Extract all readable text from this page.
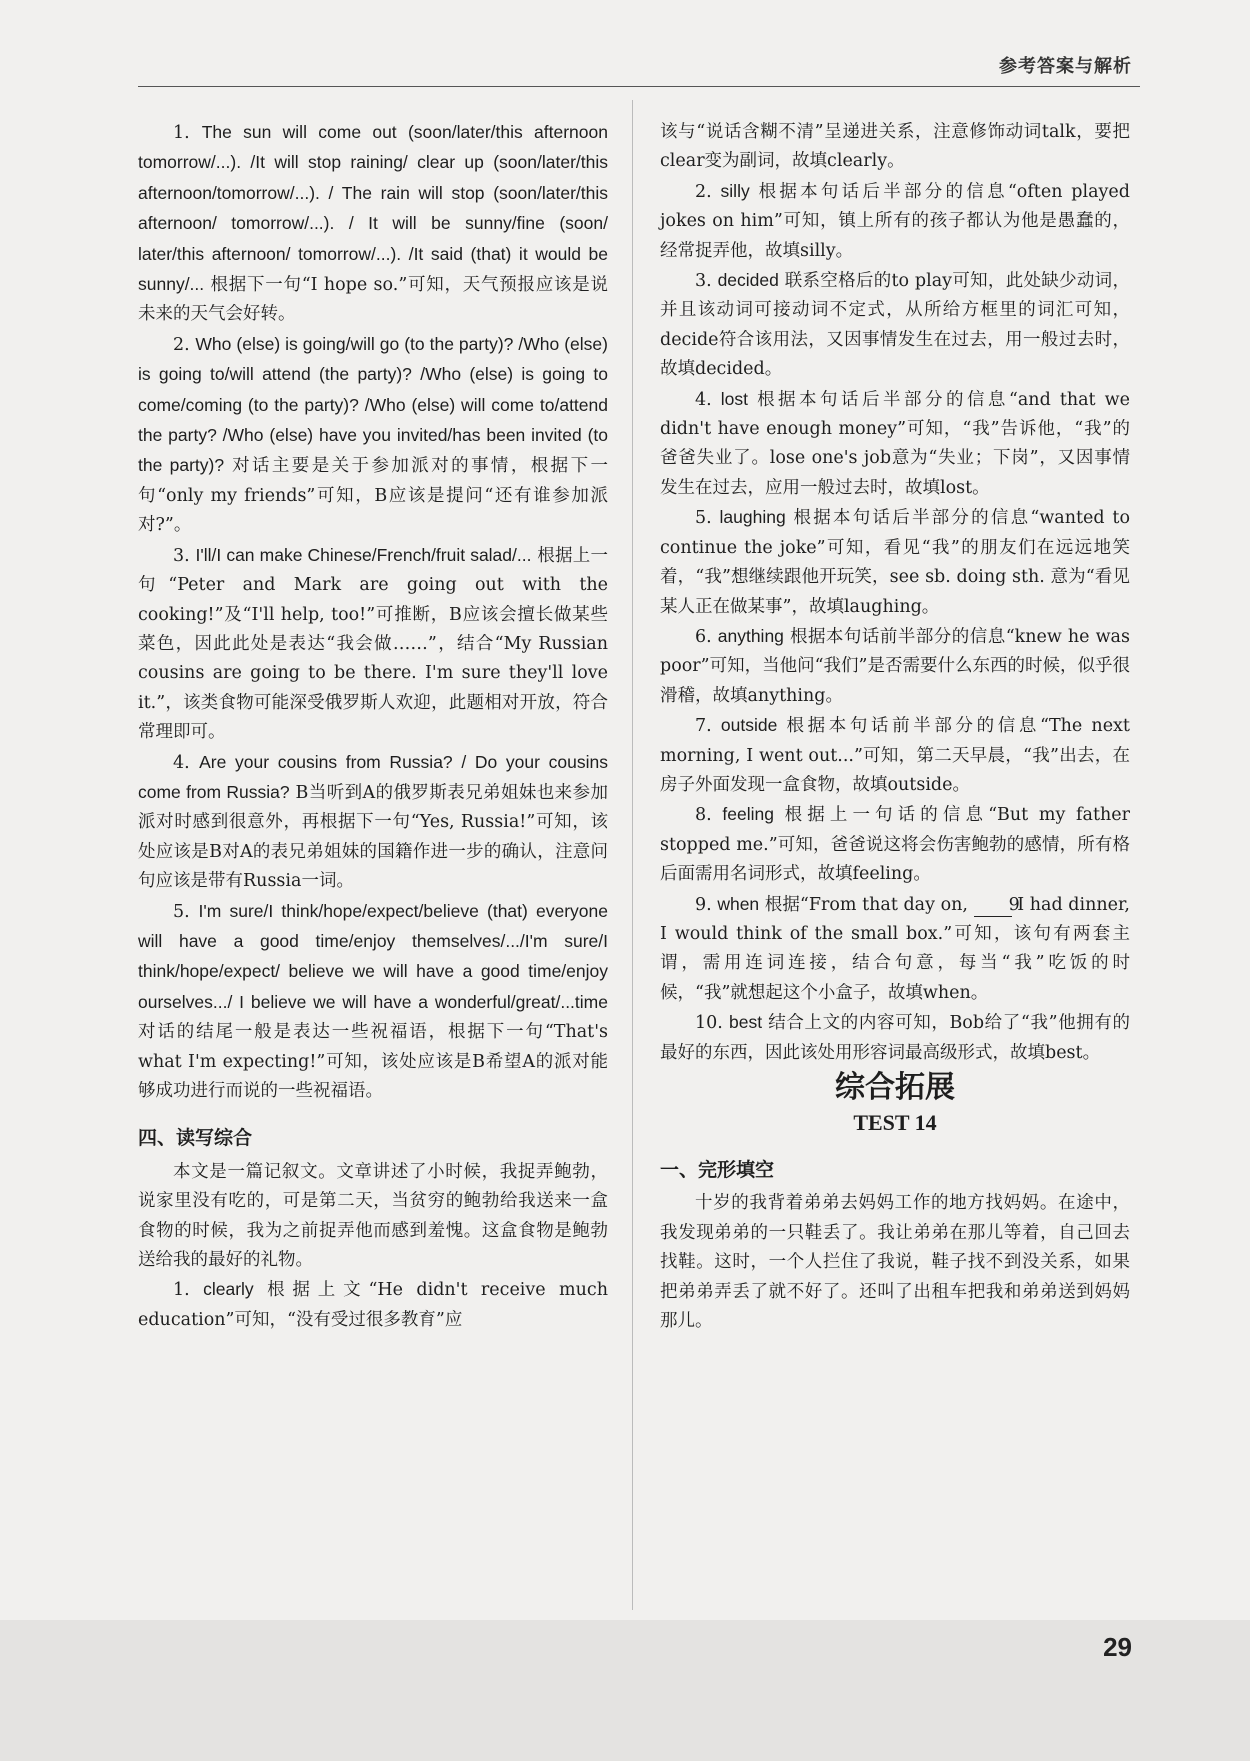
参考答案与解析

1. The sun will come out (soon/later/this afternoon tomorrow/...). /It will stop raining/ clear up (soon/later/this afternoon/tomorrow/...). / The rain will stop (soon/later/this afternoon/ tomorrow/...). / It will be sunny/fine (soon/ later/this afternoon/ tomorrow/...). /It said (that) it would be sunny/... 根据下一句“I hope so.”可知，天气预报应该是说未来的天气会好转。

2. Who (else) is going/will go (to the party)? /Who (else) is going to/will attend (the party)? /Who (else) is going to come/coming (to the party)? /Who (else) will come to/attend the party? /Who (else) have you invited/has been invited (to the party)? 对话主要是关于参加派对的事情，根据下一句“only my friends”可知，B应该是提问“还有谁参加派对?”。

3. I'll/I can make Chinese/French/fruit salad/... 根据上一句“Peter and Mark are going out with the cooking!”及“I'll help, too!”可推断，B应该会擅长做某些菜色，因此此处是表达“我会做……”，结合“My Russian cousins are going to be there. I'm sure they'll love it.”，该类食物可能深受俄罗斯人欢迎，此题相对开放，符合常理即可。

4. Are your cousins from Russia? / Do your cousins come from Russia? B当听到A的俄罗斯表兄弟姐妹也来参加派对时感到很意外，再根据下一句“Yes, Russia!”可知，该处应该是B对A的表兄弟姐妹的国籍作进一步的确认，注意问句应该是带有Russia一词。

5. I'm sure/I think/hope/expect/believe (that) everyone will have a good time/enjoy themselves/.../I'm sure/I think/hope/expect/ believe we will have a good time/enjoy ourselves.../ I believe we will have a wonderful/great/...time 对话的结尾一般是表达一些祝福语，根据下一句“That's what I'm expecting!”可知，该处应该是B希望A的派对能够成功进行而说的一些祝福语。

四、读写综合

本文是一篇记叙文。文章讲述了小时候，我捉弄鲍勃，说家里没有吃的，可是第二天，当贫穷的鲍勃给我送来一盒食物的时候，我为之前捉弄他而感到羞愧。这盒食物是鲍勃送给我的最好的礼物。

1. clearly 根据上文“He didn't receive much education”可知，“没有受过很多教育”应

该与“说话含糊不清”呈递进关系，注意修饰动词talk，要把clear变为副词，故填clearly。

2. silly 根据本句话后半部分的信息“often played jokes on him”可知，镇上所有的孩子都认为他是愚蠢的，经常捉弄他，故填silly。

3. decided 联系空格后的to play可知，此处缺少动词，并且该动词可接动词不定式，从所给方框里的词汇可知，decide符合该用法，又因事情发生在过去，用一般过去时，故填decided。

4. lost 根据本句话后半部分的信息“and that we didn't have enough money”可知，“我”告诉他，“我”的爸爸失业了。lose one's job意为“失业；下岗”，又因事情发生在过去，应用一般过去时，故填lost。

5. laughing 根据本句话后半部分的信息“wanted to continue the joke”可知，看见“我”的朋友们在远远地笑着，“我”想继续跟他开玩笑，see sb. doing sth. 意为“看见某人正在做某事”，故填laughing。

6. anything 根据本句话前半部分的信息“knew he was poor”可知，当他问“我们”是否需要什么东西的时候，似乎很滑稽，故填anything。

7. outside 根据本句话前半部分的信息“The next morning, I went out...”可知，第二天早晨，“我”出去，在房子外面发现一盒食物，故填outside。

8. feeling 根据上一句话的信息“But my father stopped me.”可知，爸爸说这将会伤害鲍勃的感情，所有格后面需用名词形式，故填feeling。

9. when 根据“From that day on, 9 I had dinner, I would think of the small box.”可知，该句有两套主谓，需用连词连接，结合句意，每当“我”吃饭的时候，“我”就想起这个小盒子，故填when。

10. best 结合上文的内容可知，Bob给了“我”他拥有的最好的东西，因此该处用形容词最高级形式，故填best。

综合拓展

TEST 14

一、完形填空

十岁的我背着弟弟去妈妈工作的地方找妈妈。在途中，我发现弟弟的一只鞋丢了。我让弟弟在那儿等着，自己回去找鞋。这时，一个人拦住了我说，鞋子找不到没关系，如果把弟弟弄丢了就不好了。还叫了出租车把我和弟弟送到妈妈那儿。

29
